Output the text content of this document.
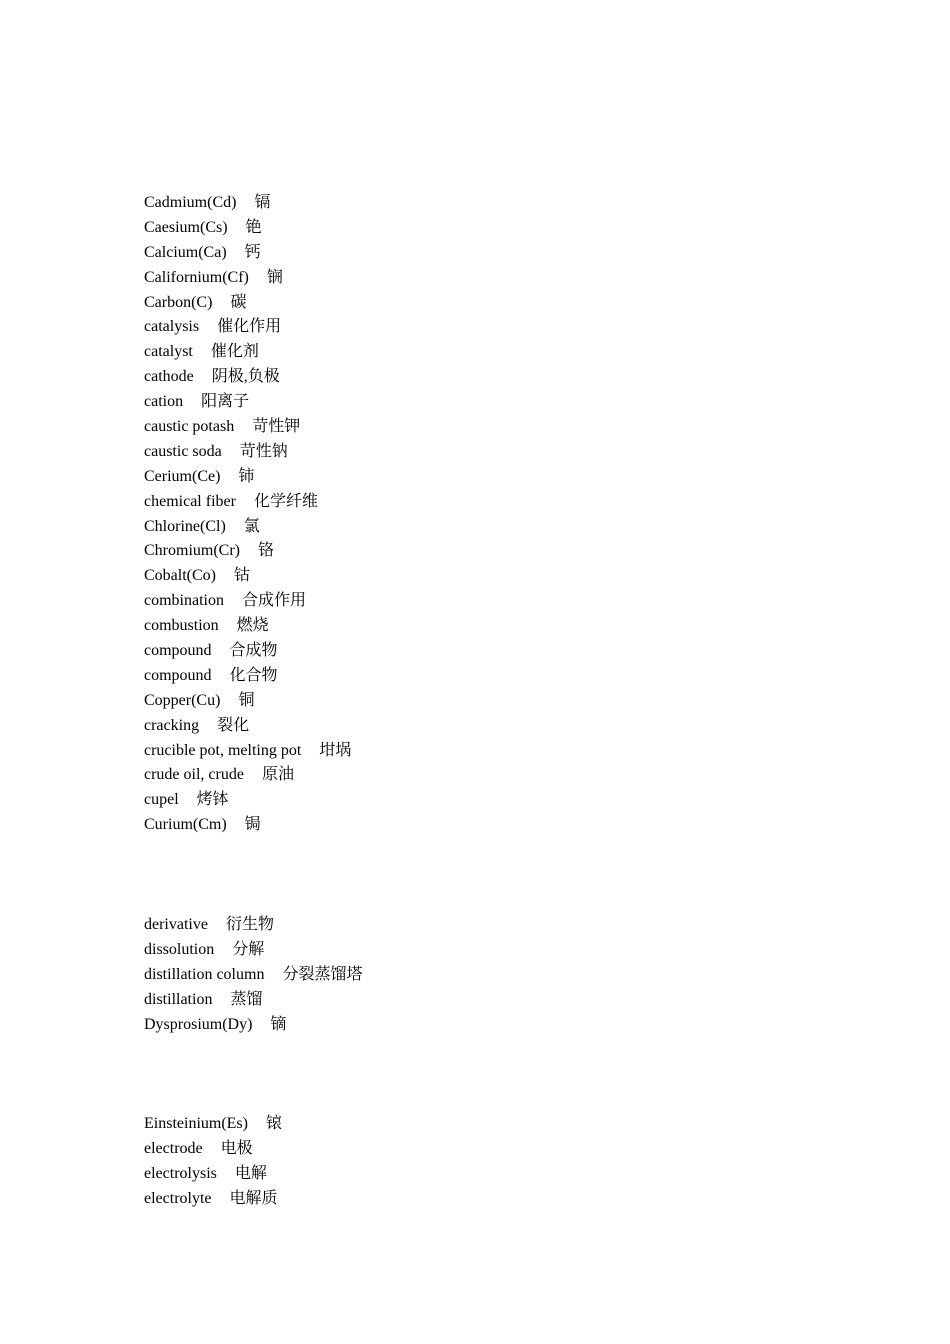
Cadmium(Cd) 镉
Caesium(Cs) 铯
Calcium(Ca) 钙
Californium(Cf) 锎
Carbon(C) 碳
catalysis 催化作用
catalyst 催化剂
cathode 阴极,负极
cation 阳离子
caustic potash 苛性钾
caustic soda 苛性钠
Cerium(Ce) 铈
chemical fiber 化学纤维
Chlorine(Cl) 氯
Chromium(Cr) 铬
Cobalt(Co) 钴
combination 合成作用
combustion 燃烧
compound 合成物
compound 化合物
Copper(Cu) 铜
cracking 裂化
crucible pot, melting pot 坩埚
crude oil, crude 原油
cupel 烤钵
Curium(Cm) 锔
derivative 衍生物
dissolution 分解
distillation column 分裂蒸馏塔
distillation 蒸馏
Dysprosium(Dy) 镝
Einsteinium(Es) 锿
electrode 电极
electrolysis 电解
electrolyte 电解质
